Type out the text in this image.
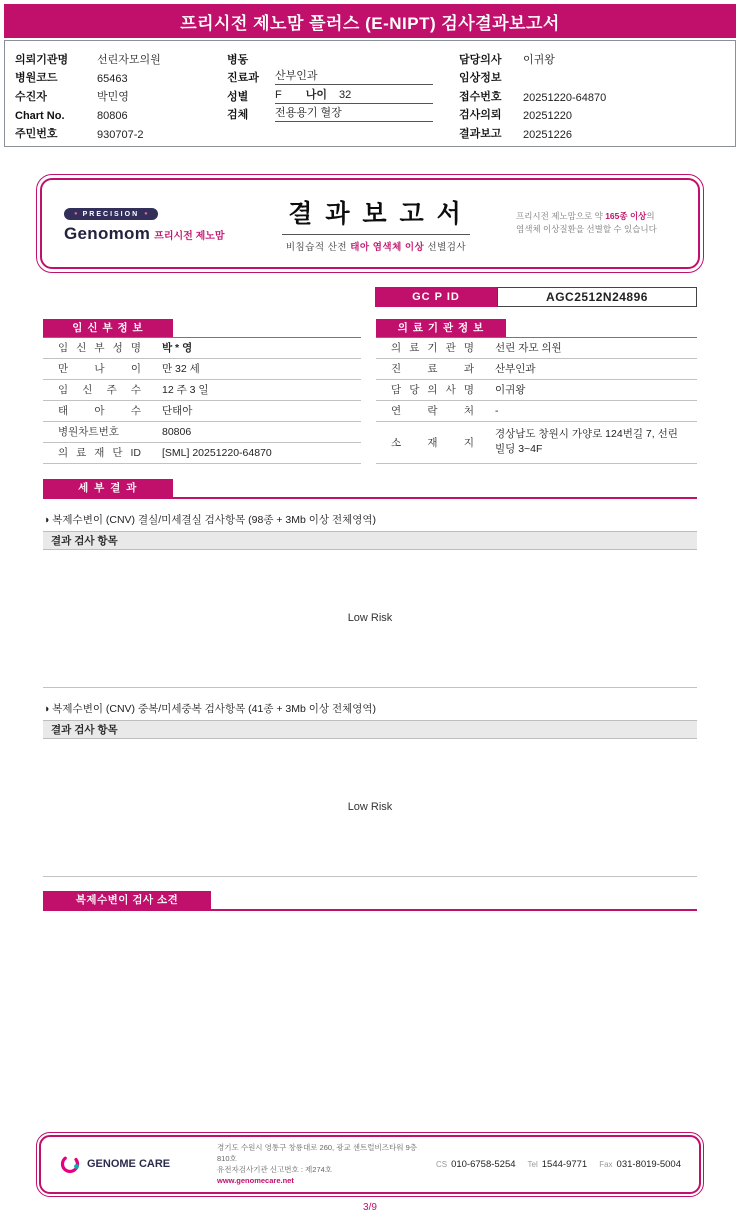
프리시전 제노맘 플러스 (E-NIPT) 검사결과보고서
의뢰기관명	선린자모의원
병원코드	65463
수진자	박민영
Chart No.	80806
주민번호	930707-2
병동
진료과	산부인과
성별	F 나이 32
검체	전용용기 혈장
담당의사	이귀왕
임상정보
접수번호	20251220-64870
검사의뢰	20251220
결과보고	20251226
● PRECISION ●
Genomom 프리시전 제노맘
결 과 보 고 서
비침습적 산전 태아 염색체 이상 선별검사
프리시전 제노맘으로 약 165종 이상의
염색체 이상질환을 선별할 수 있습니다
GC P ID	AGC2512N24896
임 신 부 정 보
임 신 부 성 명	박 * 영
만 나 이	만 32 세
임 신 주 수	12 주 3 일
태 아 수	단태아
병원차트번호	80806
의 료 재 단 ID	[SML] 20251220-64870
의 료 기 관 정 보
의 료 기 관 명	선린 자모 의원
진 료 과	산부인과
담 당 의 사 명	이귀왕
연 락 처	-
소 재 지	경상남도 창원시 가양로 124번길 7, 선린 빌딩 3~4F
세 부 결 과
◑ 복제수변이 (CNV) 결실/미세결실 검사항목 (98종 + 3Mb 이상 전체영역)
결과 검사 항목
Low Risk
◑ 복제수변이 (CNV) 중복/미세중복 검사항목 (41종 + 3Mb 이상 전체영역)
결과 검사 항목
Low Risk
복제수변이 검사 소견
GENOME CARE
경기도 수원시 영통구 창룡대로 260, 광교 센트럴비즈타워 9층 810호
유전자검사기관 신고번호 : 제274호
www.genomecare.net
CS 010-6758-5254 Tel 1544-9771 Fax 031-8019-5004
3/9
